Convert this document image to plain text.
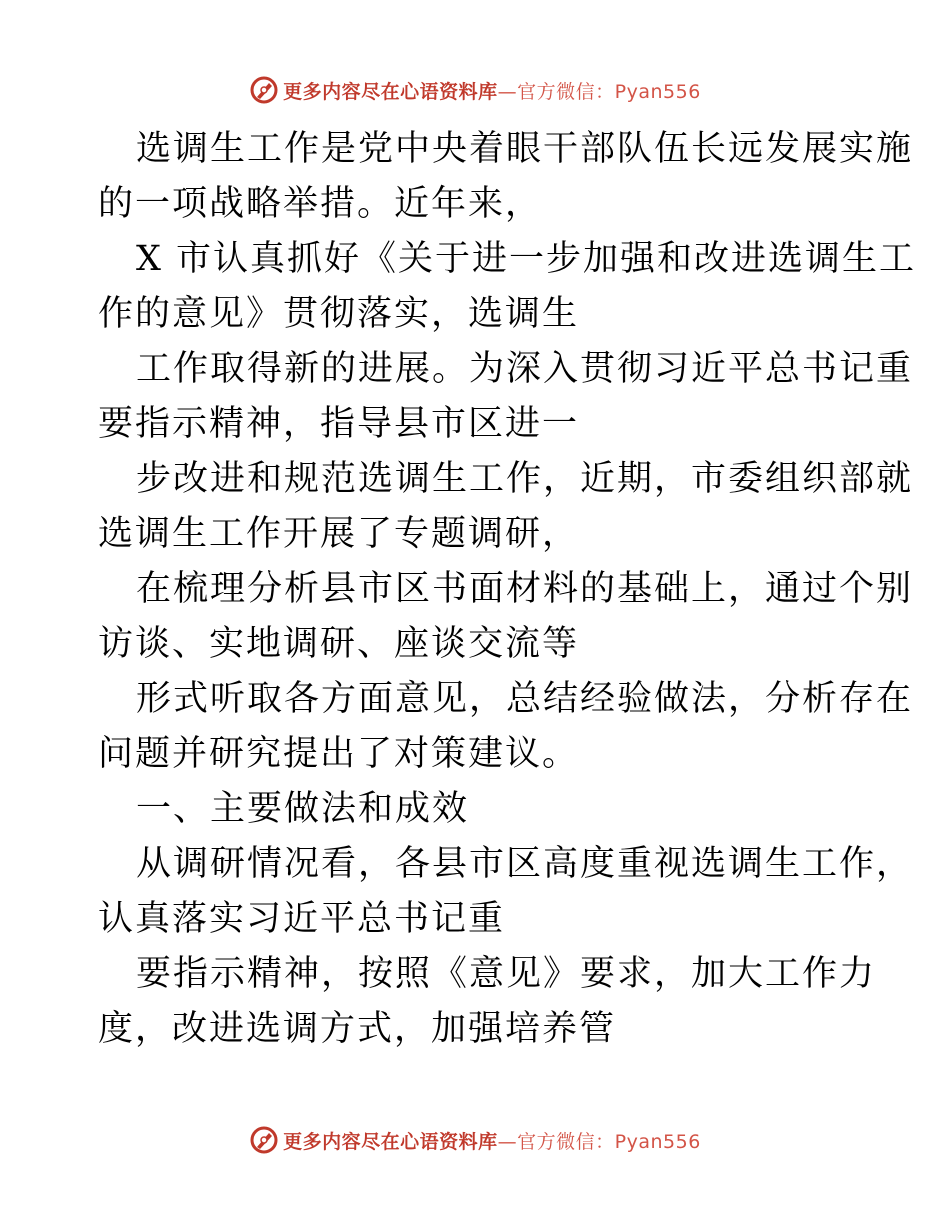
更多内容尽在心语资料库—官方微信：Pyan556
选调生工作是党中央着眼干部队伍长远发展实施
的一项战略举措。近年来，
X 市认真抓好《关于进一步加强和改进选调生工
作的意见》贯彻落实，选调生
工作取得新的进展。为深入贯彻习近平总书记重
要指示精神，指导县市区进一
步改进和规范选调生工作，近期，市委组织部就
选调生工作开展了专题调研，
在梳理分析县市区书面材料的基础上，通过个别
访谈、实地调研、座谈交流等
形式听取各方面意见，总结经验做法，分析存在
问题并研究提出了对策建议。
一、主要做法和成效
从调研情况看，各县市区高度重视选调生工作，
认真落实习近平总书记重
要指示精神，按照《意见》要求，加大工作力
度，改进选调方式，加强培养管
更多内容尽在心语资料库—官方微信：Pyan556
